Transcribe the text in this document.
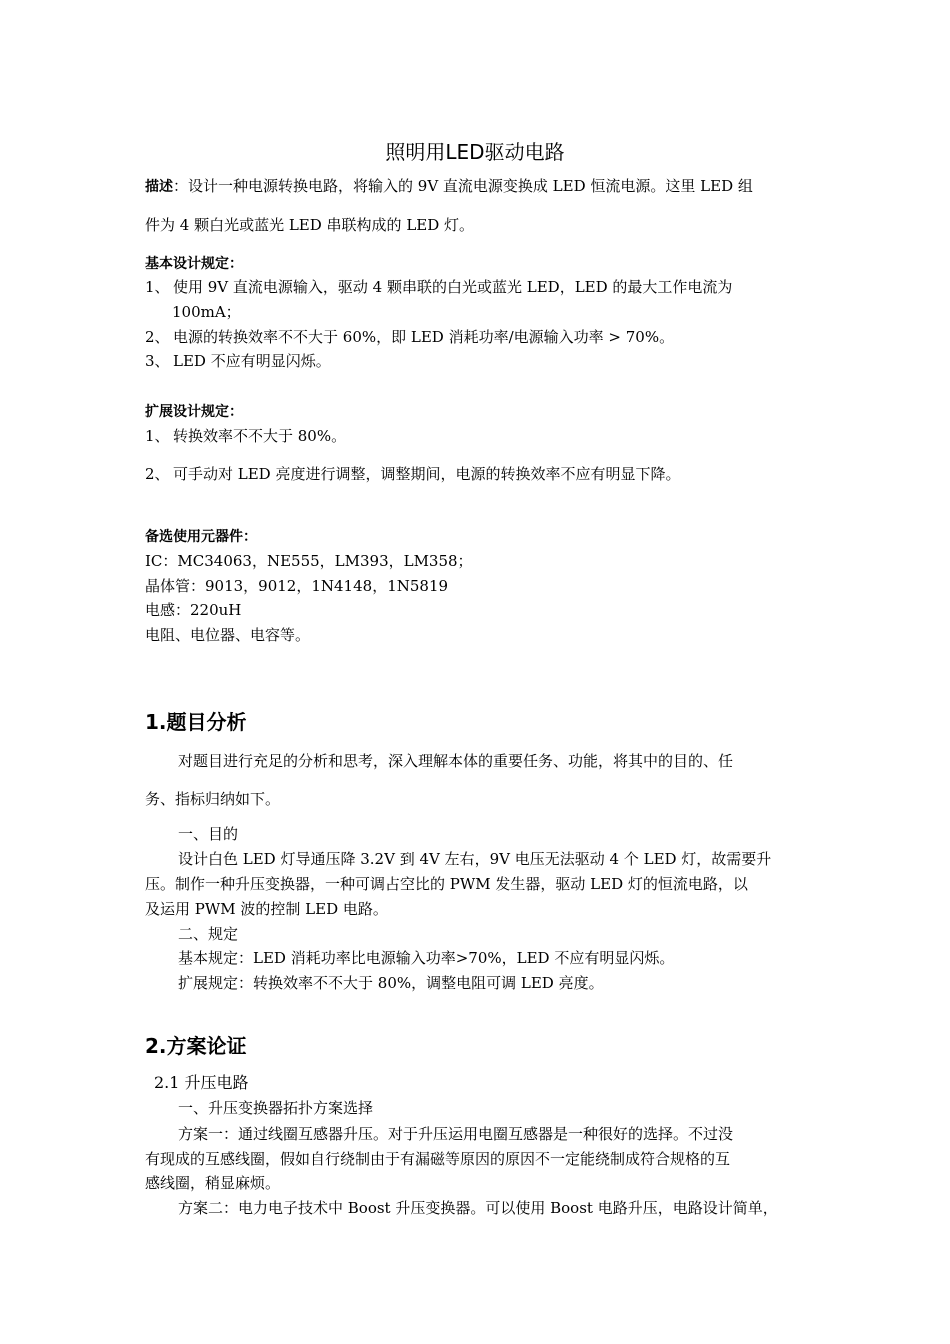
照明用LED驱动电路
描述：设计一种电源转换电路，将输入的 9V 直流电源变换成 LED 恒流电源。这里 LED 组
件为 4 颗白光或蓝光 LED 串联构成的 LED 灯。
基本设计规定：
1、 使用 9V 直流电源输入，驱动 4 颗串联的白光或蓝光 LED，LED 的最大工作电流为
100mA；
2、 电源的转换效率不不大于 60%，即 LED 消耗功率/电源输入功率 > 70%。
3、 LED 不应有明显闪烁。
扩展设计规定：
1、 转换效率不不大于 80%。
2、 可手动对 LED 亮度进行调整，调整期间，电源的转换效率不应有明显下降。
备选使用元器件：
IC：MC34063，NE555，LM393，LM358；
晶体管：9013，9012，1N4148，1N5819
电感：220uH
电阻、电位器、电容等。
1.题目分析
对题目进行充足的分析和思考，深入理解本体的重要任务、功能，将其中的目的、任
务、指标归纳如下。
一、目的
设计白色 LED 灯导通压降 3.2V 到 4V 左右，9V 电压无法驱动 4 个 LED 灯，故需要升
压。制作一种升压变换器，一种可调占空比的 PWM 发生器，驱动 LED 灯的恒流电路，以
及运用 PWM 波的控制 LED 电路。
二、规定
基本规定：LED 消耗功率比电源输入功率>70%，LED 不应有明显闪烁。
扩展规定：转换效率不不大于 80%，调整电阻可调 LED 亮度。
2.方案论证
2.1 升压电路
一、升压变换器拓扑方案选择
方案一：通过线圈互感器升压。对于升压运用电圈互感器是一种很好的选择。不过没
有现成的互感线圈，假如自行绕制由于有漏磁等原因的原因不一定能绕制成符合规格的互
感线圈，稍显麻烦。
方案二：电力电子技术中 Boost 升压变换器。可以使用 Boost 电路升压，电路设计简单，
